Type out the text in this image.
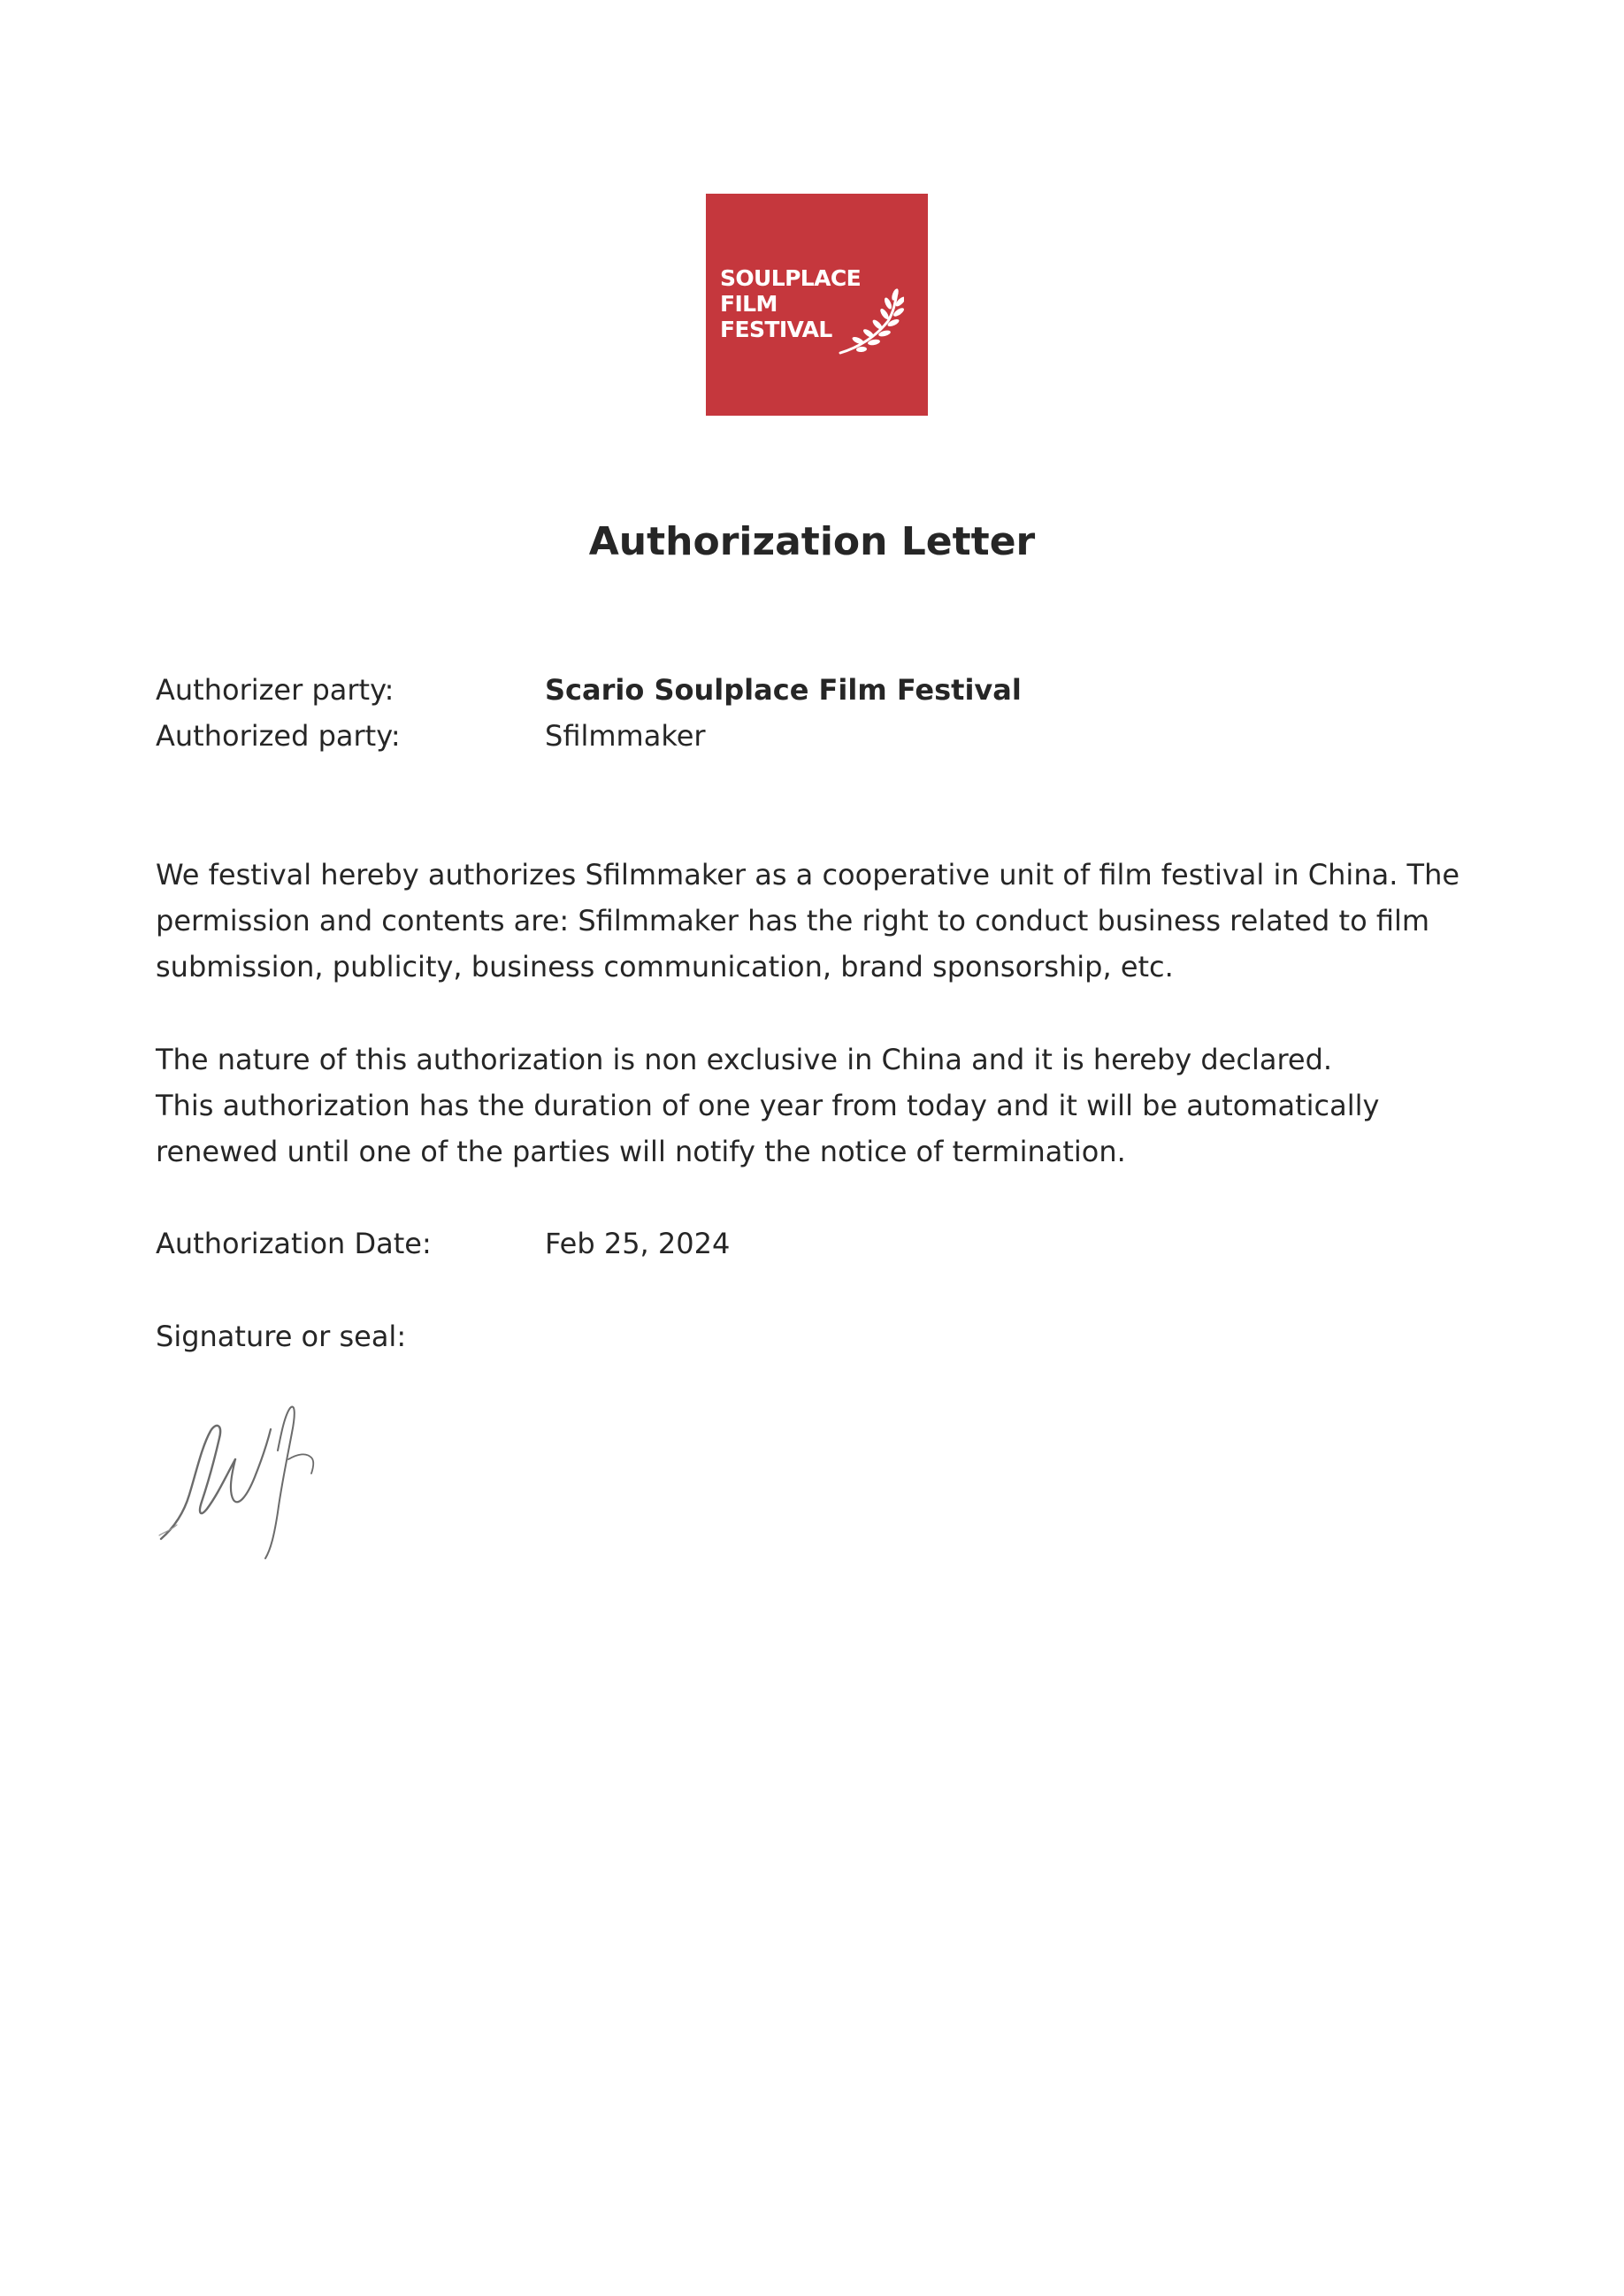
SOULPLACE
FILM
FESTIVAL
Authorization Letter
Authorizer party:	Scario Soulplace Film Festival
Authorized party:	Sfilmmaker
We festival hereby authorizes Sfilmmaker as a cooperative unit of film festival in China. The
permission and contents are: Sfilmmaker has the right to conduct business related to film
submission, publicity, business communication, brand sponsorship, etc.
The nature of this authorization is non exclusive in China and it is hereby declared.
This authorization has the duration of one year from today and it will be automatically
renewed until one of the parties will notify the notice of termination.
Authorization Date:	Feb 25, 2024
Signature or seal:
